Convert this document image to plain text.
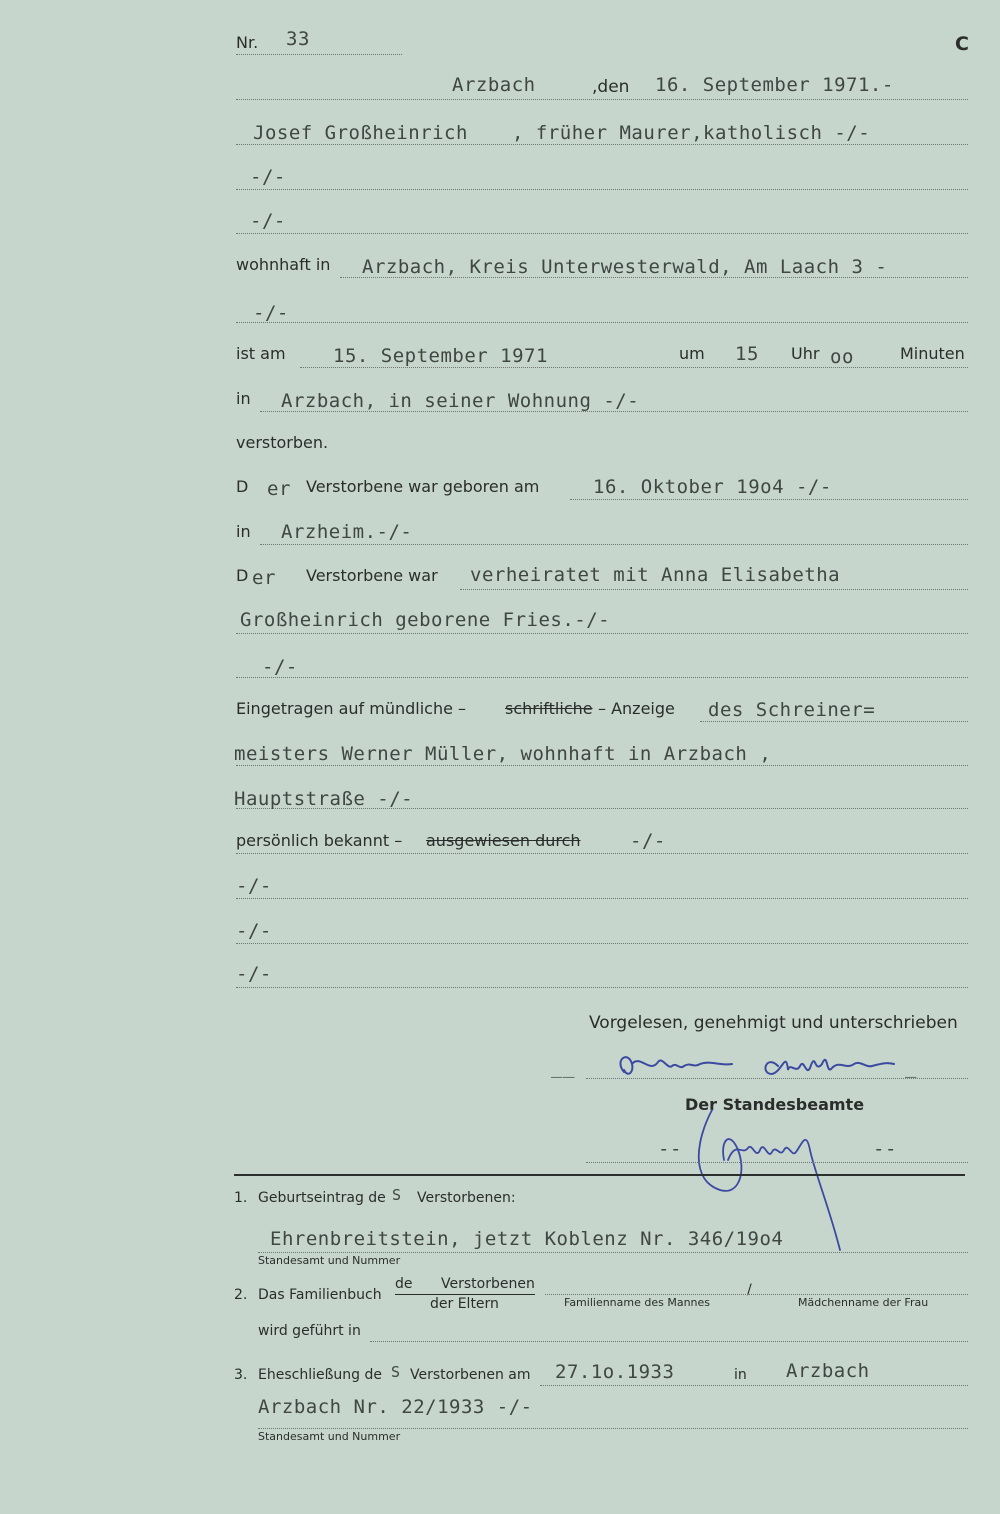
Nr. 33	C
Arzbach	,den 16. September 1971.-
Josef Großheinrich , früher Maurer,katholisch -/-
-/-
-/-
wohnhaft in Arzbach, Kreis Unterwesterwald, Am Laach 3 -
-/-
ist am 15. September 1971	um 15 Uhr oo	Minuten
in Arzbach, in seiner Wohnung -/-
verstorben.
D er Verstorbene war geboren am	16. Oktober 19o4 -/-
in Arzheim.-/-
D er Verstorbene war verheiratet mit Anna Elisabetha
Großheinrich geborene Fries.-/-
-/-
Eingetragen auf mündliche – schriftliche – Anzeige des Schreiner=
meisters Werner Müller, wohnhaft in Arzbach ,
Hauptstraße -/-
persönlich bekannt – ausgewiesen durch	-/-
-/-
-/-
-/-
Vorgelesen, genehmigt und unterschrieben
__	_
Der Standesbeamte
--	--
1. Geburtseintrag de S Verstorbenen:
Ehrenbreitstein, jetzt Koblenz Nr. 346/19o4
Standesamt und Nummer
2. Das Familienbuch
de Verstorbenen
der Eltern	Familienname des Mannes
/
Mädchenname der Frau
wird geführt in
3. Eheschließung de S Verstorbenen am 27.1o.1933	in Arzbach
Arzbach Nr. 22/1933 -/-
Standesamt und Nummer
